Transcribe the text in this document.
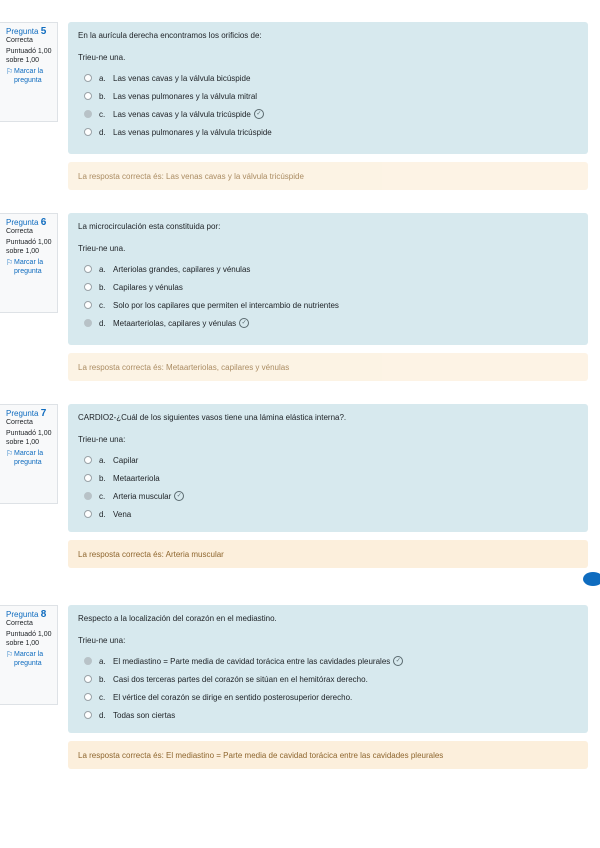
Pregunta 5
Correcta
Puntuadó 1,00 sobre 1,00
⚐ Marcar la pregunta
En la aurícula derecha encontramos los orificios de:
Trieu-ne una.
a. Las venas cavas y la válvula bicúspide
b. Las venas pulmonares y la válvula mitral
c. Las venas cavas y la válvula tricúspide ✓
d. Las venas pulmonares y la válvula tricúspide
La resposta correcta és: Las venas cavas y la válvula tricúspide
Pregunta 6
Correcta
Puntuadó 1,00 sobre 1,00
⚐ Marcar la pregunta
La microcirculación esta constituida por:
Trieu-ne una.
a. Arteriolas grandes, capilares y vénulas
b. Capilares y vénulas
c. Solo por los capilares que permiten el intercambio de nutrientes
d. Metaarteriolas, capilares y vénulas ✓
La resposta correcta és: Metaarteriolas, capilares y vénulas
Pregunta 7
Correcta
Puntuadó 1,00 sobre 1,00
⚐ Marcar la pregunta
CARDIO2-¿Cuál de los siguientes vasos tiene una lámina elástica interna?.
Trieu-ne una:
a. Capilar
b. Metaarteriola
c. Arteria muscular ✓
d. Vena
La resposta correcta és: Arteria muscular
Pregunta 8
Correcta
Puntuadó 1,00 sobre 1,00
⚐ Marcar la pregunta
Respecto a la localización del corazón en el mediastino.
Trieu-ne una:
a. El mediastino = Parte media de cavidad torácica entre las cavidades pleurales ✓
b. Casi dos terceras partes del corazón se sitúan en el hemitórax derecho.
c. El vértice del corazón se dirige en sentido posterosuperior derecho.
d. Todas son ciertas
La resposta correcta és: El mediastino = Parte media de cavidad torácica entre las cavidades pleurales
